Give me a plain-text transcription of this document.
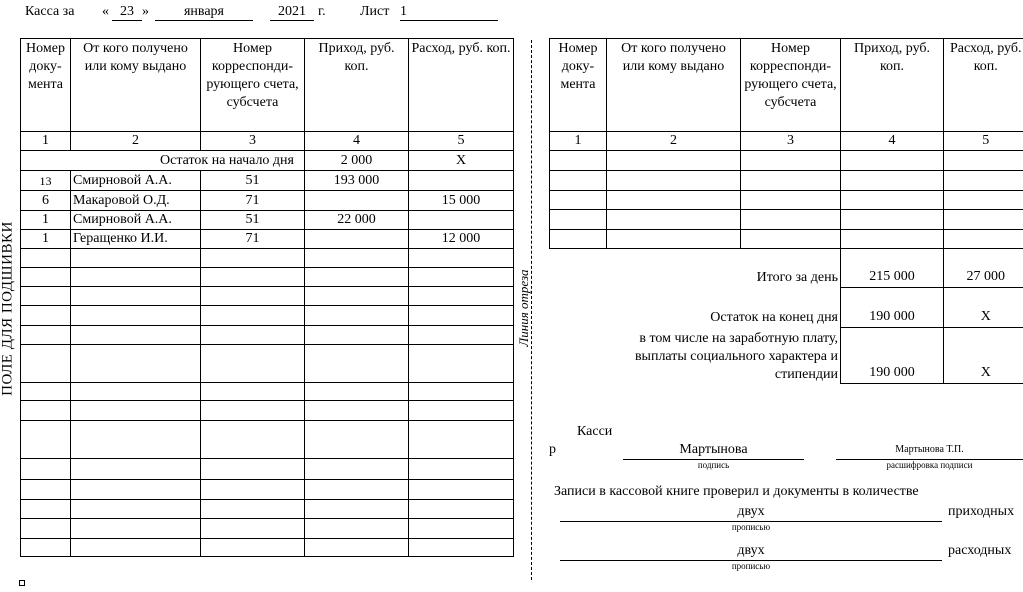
Касса за « 23 »	января	2021 г. Лист 1
Номер доку-мента	От кого получено или кому выдано	Номер корреспонди-рующего счета, субсчета	Приход, руб. коп.	Расход, руб. коп.
1	2	3	4	5
Остаток на начало дня			2 000	Х
13	Смирновой А.А.	51	193 000	
6	Макаровой О.Д.	71		15 000
1	Смирновой А.А.	51	22 000	
1	Геращенко И.И.	71		12 000

ПОЛЕ ДЛЯ ПОДШИВКИ	Линия отреза
Номер доку-мента	От кого получено или кому выдано	Номер корреспонди-рующего счета, субсчета	Приход, руб. коп.	Расход, руб. коп.
1	2	3	4	5

Итого за день			215 000	27 000
Остаток на конец дня			190 000	Х

в том числе на заработную плату,
выплаты социального характера и
стипендии			190 000	Х
Касси
р	Мартынова
подпись
Мартынова Т.П.
расшифровка подписи
Записи в кассовой книге проверил и документы в количестве
двух
прописью
приходных
двух
прописью
расходных
